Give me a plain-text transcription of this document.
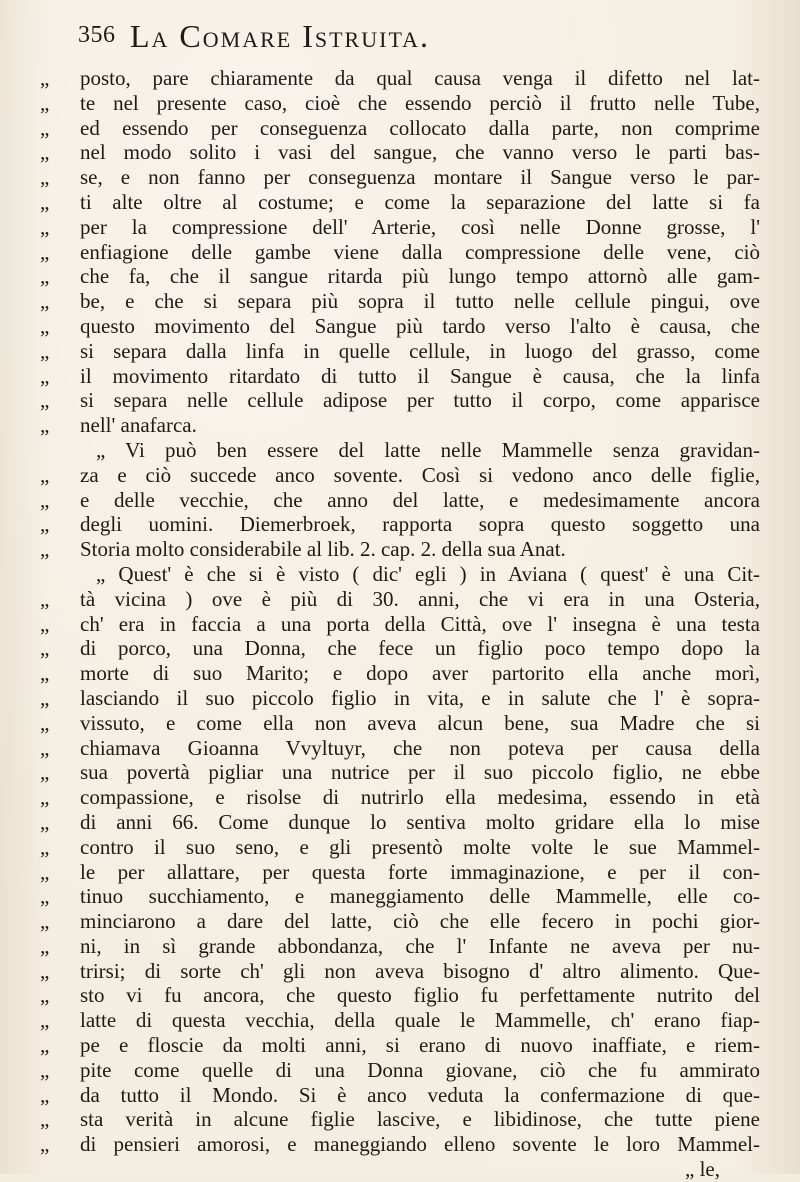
356 La Comare Istruita.
„	posto, pare chiaramente da qual causa venga il difetto nel lat-
„	te nel presente caso, cioè che essendo perciò il frutto nelle Tube,
„	ed essendo per conseguenza collocato dalla parte, non comprime
„	nel modo solito i vasi del sangue, che vanno verso le parti bas-
„	se, e non fanno per conseguenza montare il Sangue verso le par-
„	ti alte oltre al costume; e come la separazione del latte si fa
„	per la compressione dell' Arterie, così nelle Donne grosse, l'
„	enfiagione delle gambe viene dalla compressione delle vene, ciò
„	che fa, che il sangue ritarda più lungo tempo attornò alle gam-
„	be, e che si separa più sopra il tutto nelle cellule pingui, ove
„	questo movimento del Sangue più tardo verso l'alto è causa, che
„	si separa dalla linfa in quelle cellule, in luogo del grasso, come
„	il movimento ritardato di tutto il Sangue è causa, che la linfa
„	si separa nelle cellule adipose per tutto il corpo, come apparisce
„	nell' anafarca.
„ Vi può ben essere del latte nelle Mammelle senza gravidan-
„	za e ciò succede anco sovente. Così si vedono anco delle figlie,
„	e delle vecchie, che anno del latte, e medesimamente ancora
„	degli uomini. Diemerbroek, rapporta sopra questo soggetto una
„	Storia molto considerabile al lib. 2. cap. 2. della sua Anat.
„ Quest' è che si è visto ( dic' egli ) in Aviana ( quest' è una Cit-
„	tà vicina ) ove è più di 30. anni, che vi era in una Osteria,
„	ch' era in faccia a una porta della Città, ove l' insegna è una testa
„	di porco, una Donna, che fece un figlio poco tempo dopo la
„	morte di suo Marito; e dopo aver partorito ella anche morì,
„	lasciando il suo piccolo figlio in vita, e in salute che l' è sopra-
„	vissuto, e come ella non aveva alcun bene, sua Madre che si
„	chiamava Gioanna Vvyltuyr, che non poteva per causa della
„	sua povertà pigliar una nutrice per il suo piccolo figlio, ne ebbe
„	compassione, e risolse di nutrirlo ella medesima, essendo in età
„	di anni 66. Come dunque lo sentiva molto gridare ella lo mise
„	contro il suo seno, e gli presentò molte volte le sue Mammel-
„	le per allattare, per questa forte immaginazione, e per il con-
„	tinuo succhiamento, e maneggiamento delle Mammelle, elle co-
„	minciarono a dare del latte, ciò che elle fecero in pochi gior-
„	ni, in sì grande abbondanza, che l' Infante ne aveva per nu-
„	trirsi; di sorte ch' gli non aveva bisogno d' altro alimento. Que-
„	sto vi fu ancora, che questo figlio fu perfettamente nutrito del
„	latte di questa vecchia, della quale le Mammelle, ch' erano fiap-
„	pe e floscie da molti anni, si erano di nuovo inaffiate, e riem-
„	pite come quelle di una Donna giovane, ciò che fu ammirato
„	da tutto il Mondo. Si è anco veduta la confermazione di que-
„	sta verità in alcune figlie lascive, e libidinose, che tutte piene
„	di pensieri amorosi, e maneggiando elleno sovente le loro Mammel-
„ le,
